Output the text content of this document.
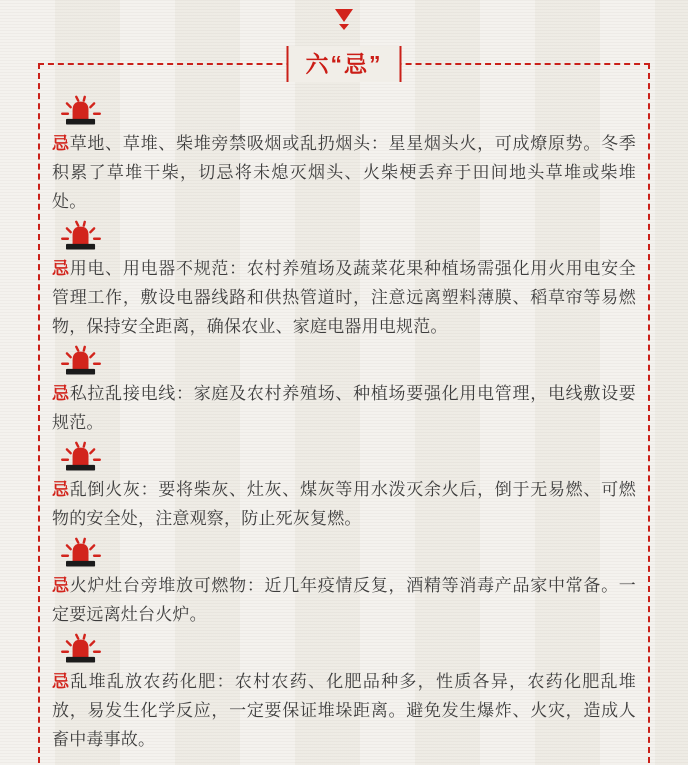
六“忌”

忌草地、草堆、柴堆旁禁吸烟或乱扔烟头：星星烟头火，可成燎原势。冬季积累了草堆干柴，切忌将未熄灭烟头、火柴梗丢弃于田间地头草堆或柴堆处。

忌用电、用电器不规范：农村养殖场及蔬菜花果种植场需强化用火用电安全管理工作，敷设电器线路和供热管道时，注意远离塑料薄膜、稻草帘等易燃物，保持安全距离，确保农业、家庭电器用电规范。

忌私拉乱接电线：家庭及农村养殖场、种植场要强化用电管理，电线敷设要规范。

忌乱倒火灰：要将柴灰、灶灰、煤灰等用水泼灭余火后，倒于无易燃、可燃物的安全处，注意观察，防止死灰复燃。

忌火炉灶台旁堆放可燃物：近几年疫情反复，酒精等消毒产品家中常备。一定要远离灶台火炉。

忌乱堆乱放农药化肥：农村农药、化肥品种多，性质各异，农药化肥乱堆放，易发生化学反应，一定要保证堆垛距离。避免发生爆炸、火灾，造成人畜中毒事故。
